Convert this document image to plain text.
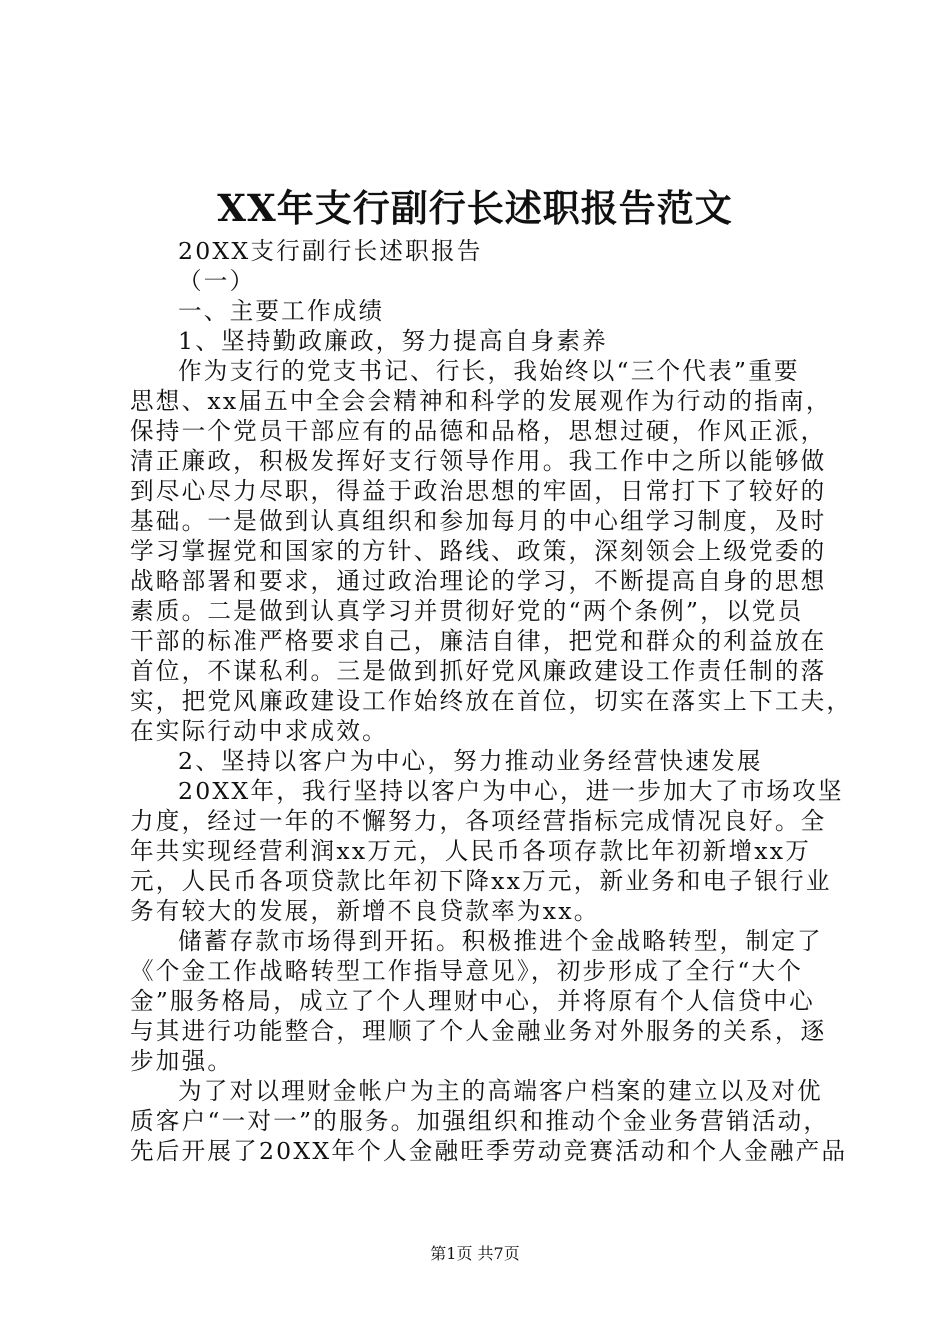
XX年支行副行长述职报告范文
20XX支行副行长述职报告
（一）
一、主要工作成绩
1、坚持勤政廉政，努力提高自身素养
作为支行的党支书记、行长，我始终以“三个代表”重要
思想、xx届五中全会会精神和科学的发展观作为行动的指南，
保持一个党员干部应有的品德和品格，思想过硬，作风正派，
清正廉政，积极发挥好支行领导作用。我工作中之所以能够做
到尽心尽力尽职，得益于政治思想的牢固，日常打下了较好的
基础。一是做到认真组织和参加每月的中心组学习制度，及时
学习掌握党和国家的方针、路线、政策，深刻领会上级党委的
战略部署和要求，通过政治理论的学习，不断提高自身的思想
素质。二是做到认真学习并贯彻好党的“两个条例”，以党员
干部的标准严格要求自己，廉洁自律，把党和群众的利益放在
首位，不谋私利。三是做到抓好党风廉政建设工作责任制的落
实，把党风廉政建设工作始终放在首位，切实在落实上下工夫，
在实际行动中求成效。
2、坚持以客户为中心，努力推动业务经营快速发展
20XX年，我行坚持以客户为中心，进一步加大了市场攻坚
力度，经过一年的不懈努力，各项经营指标完成情况良好。全
年共实现经营利润xx万元，人民币各项存款比年初新增xx万
元，人民币各项贷款比年初下降xx万元，新业务和电子银行业
务有较大的发展，新增不良贷款率为xx。
储蓄存款市场得到开拓。积极推进个金战略转型，制定了
《个金工作战略转型工作指导意见》，初步形成了全行“大个
金”服务格局，成立了个人理财中心，并将原有个人信贷中心
与其进行功能整合，理顺了个人金融业务对外服务的关系，逐
步加强。
为了对以理财金帐户为主的高端客户档案的建立以及对优
质客户“一对一”的服务。加强组织和推动个金业务营销活动，
先后开展了20XX年个人金融旺季劳动竞赛活动和个人金融产品
第1页 共7页
